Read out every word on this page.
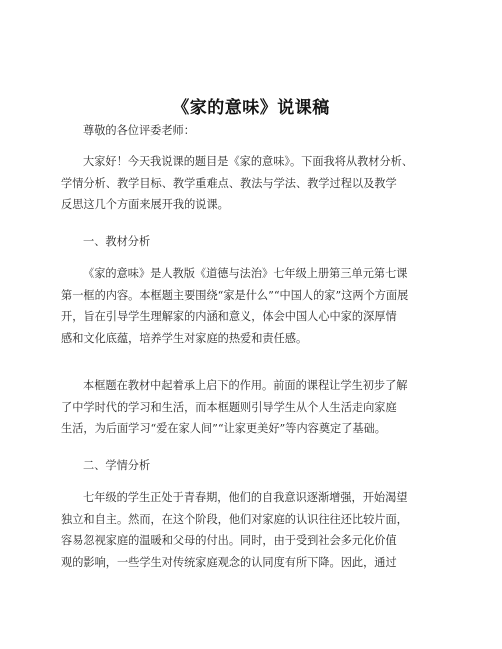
《家的意味》说课稿
尊敬的各位评委老师：
大家好！今天我说课的题目是《家的意味》。下面我将从教材分析、
学情分析、教学目标、教学重难点、教法与学法、教学过程以及教学
反思这几个方面来展开我的说课。
一、教材分析
《家的意味》是人教版《道德与法治》七年级上册第三单元第七课
第一框的内容。本框题主要围绕“家是什么”“中国人的家”这两个方面展
开，旨在引导学生理解家的内涵和意义，体会中国人心中家的深厚情
感和文化底蕴，培养学生对家庭的热爱和责任感。
本框题在教材中起着承上启下的作用。前面的课程让学生初步了解
了中学时代的学习和生活，而本框题则引导学生从个人生活走向家庭
生活，为后面学习“爱在家人间”“让家更美好”等内容奠定了基础。
二、学情分析
七年级的学生正处于青春期，他们的自我意识逐渐增强，开始渴望
独立和自主。然而，在这个阶段，他们对家庭的认识往往还比较片面，
容易忽视家庭的温暖和父母的付出。同时，由于受到社会多元化价值
观的影响，一些学生对传统家庭观念的认同度有所下降。因此，通过
